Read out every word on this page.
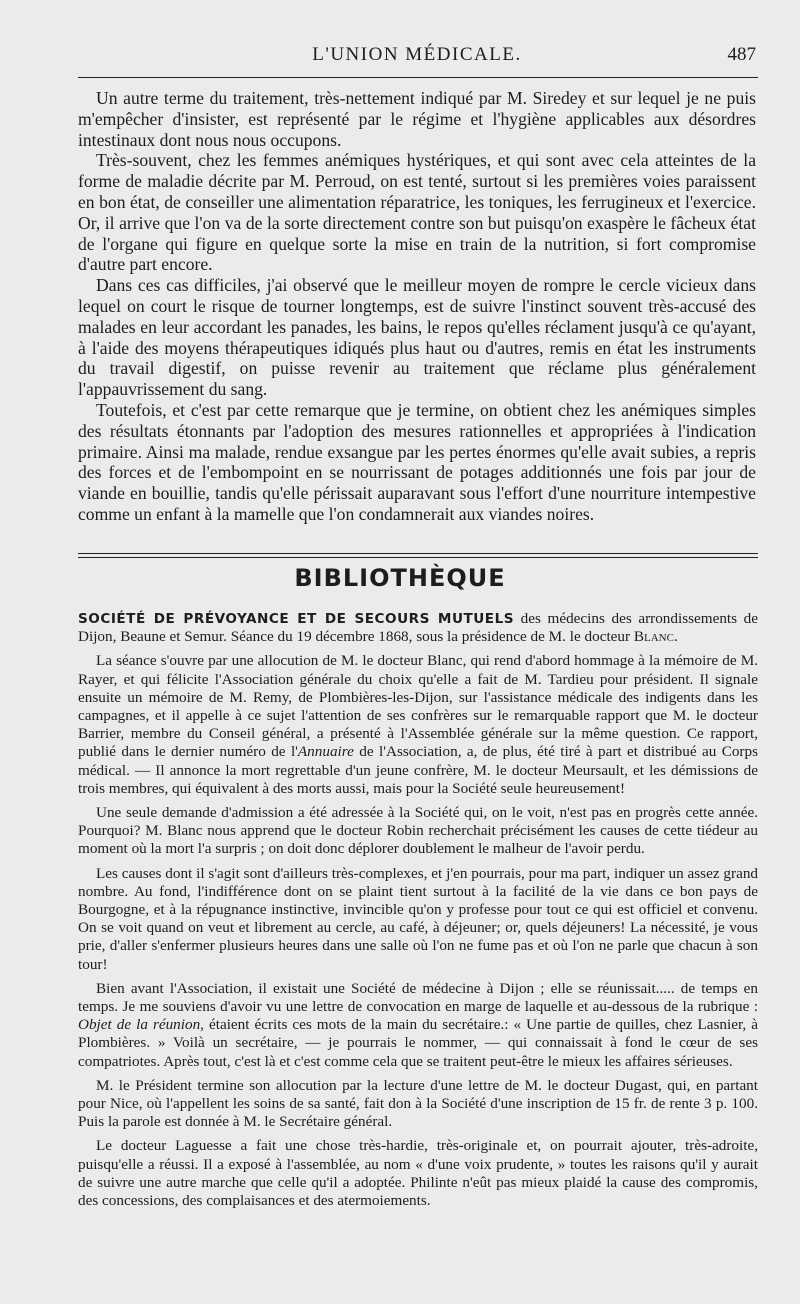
L'UNION MÉDICALE.	487

Un autre terme du traitement, très-nettement indiqué par M. Siredey et sur lequel je ne puis m'empêcher d'insister, est représenté par le régime et l'hygiène applicables aux désordres intestinaux dont nous nous occupons.

Très-souvent, chez les femmes anémiques hystériques, et qui sont avec cela atteintes de la forme de maladie décrite par M. Perroud, on est tenté, surtout si les premières voies paraissent en bon état, de conseiller une alimentation réparatrice, les toniques, les ferrugineux et l'exercice. Or, il arrive que l'on va de la sorte directement contre son but puisqu'on exaspère le fâcheux état de l'organe qui figure en quelque sorte la mise en train de la nutrition, si fort compromise d'autre part encore.

Dans ces cas difficiles, j'ai observé que le meilleur moyen de rompre le cercle vicieux dans lequel on court le risque de tourner longtemps, est de suivre l'instinct souvent très-accusé des malades en leur accordant les panades, les bains, le repos qu'elles réclament jusqu'à ce qu'ayant, à l'aide des moyens thérapeutiques idiqués plus haut ou d'autres, remis en état les instruments du travail digestif, on puisse revenir au traitement que réclame plus généralement l'appauvrissement du sang.

Toutefois, et c'est par cette remarque que je termine, on obtient chez les anémiques simples des résultats étonnants par l'adoption des mesures rationnelles et appropriées à l'indication primaire. Ainsi ma malade, rendue exsangue par les pertes énormes qu'elle avait subies, a repris des forces et de l'embompoint en se nourrissant de potages additionnés une fois par jour de viande en bouillie, tandis qu'elle périssait auparavant sous l'effort d'une nourriture intempestive comme un enfant à la mamelle que l'on condamnerait aux viandes noires.

BIBLIOTHÈQUE

SOCIÉTÉ DE PRÉVOYANCE ET DE SECOURS MUTUELS des médecins des arrondissements de Dijon, Beaune et Semur. Séance du 19 décembre 1868, sous la présidence de M. le docteur Blanc.

La séance s'ouvre par une allocution de M. le docteur Blanc, qui rend d'abord hommage à la mémoire de M. Rayer, et qui félicite l'Association générale du choix qu'elle a fait de M. Tardieu pour président. Il signale ensuite un mémoire de M. Remy, de Plombières-les-Dijon, sur l'assistance médicale des indigents dans les campagnes, et il appelle à ce sujet l'attention de ses confrères sur le remarquable rapport que M. le docteur Barrier, membre du Conseil général, a présenté à l'Assemblée générale sur la même question. Ce rapport, publié dans le dernier numéro de l'Annuaire de l'Association, a, de plus, été tiré à part et distribué au Corps médical. — Il annonce la mort regrettable d'un jeune confrère, M. le docteur Meursault, et les démissions de trois membres, qui équivalent à des morts aussi, mais pour la Société seule heureusement!

Une seule demande d'admission a été adressée à la Société qui, on le voit, n'est pas en progrès cette année. Pourquoi? M. Blanc nous apprend que le docteur Robin recherchait précisément les causes de cette tiédeur au moment où la mort l'a surpris ; on doit donc déplorer doublement le malheur de l'avoir perdu.

Les causes dont il s'agit sont d'ailleurs très-complexes, et j'en pourrais, pour ma part, indiquer un assez grand nombre. Au fond, l'indifférence dont on se plaint tient surtout à la facilité de la vie dans ce bon pays de Bourgogne, et à la répugnance instinctive, invincible qu'on y professe pour tout ce qui est officiel et convenu. On se voit quand on veut et librement au cercle, au café, à déjeuner; or, quels déjeuners! La nécessité, je vous prie, d'aller s'enfermer plusieurs heures dans une salle où l'on ne fume pas et où l'on ne parle que chacun à son tour!

Bien avant l'Association, il existait une Société de médecine à Dijon ; elle se réunissait..... de temps en temps. Je me souviens d'avoir vu une lettre de convocation en marge de laquelle et au-dessous de la rubrique : Objet de la réunion, étaient écrits ces mots de la main du secrétaire.: « Une partie de quilles, chez Lasnier, à Plombières. » Voilà un secrétaire, — je pourrais le nommer, — qui connaissait à fond le cœur de ses compatriotes. Après tout, c'est là et c'est comme cela que se traitent peut-être le mieux les affaires sérieuses.

M. le Président termine son allocution par la lecture d'une lettre de M. le docteur Dugast, qui, en partant pour Nice, où l'appellent les soins de sa santé, fait don à la Société d'une inscription de 15 fr. de rente 3 p. 100. Puis la parole est donnée à M. le Secrétaire général.

Le docteur Laguesse a fait une chose très-hardie, très-originale et, on pourrait ajouter, très-adroite, puisqu'elle a réussi. Il a exposé à l'assemblée, au nom « d'une voix prudente, » toutes les raisons qu'il y aurait de suivre une autre marche que celle qu'il a adoptée. Philinte n'eût pas mieux plaidé la cause des compromis, des concessions, des complaisances et des atermoiements.
